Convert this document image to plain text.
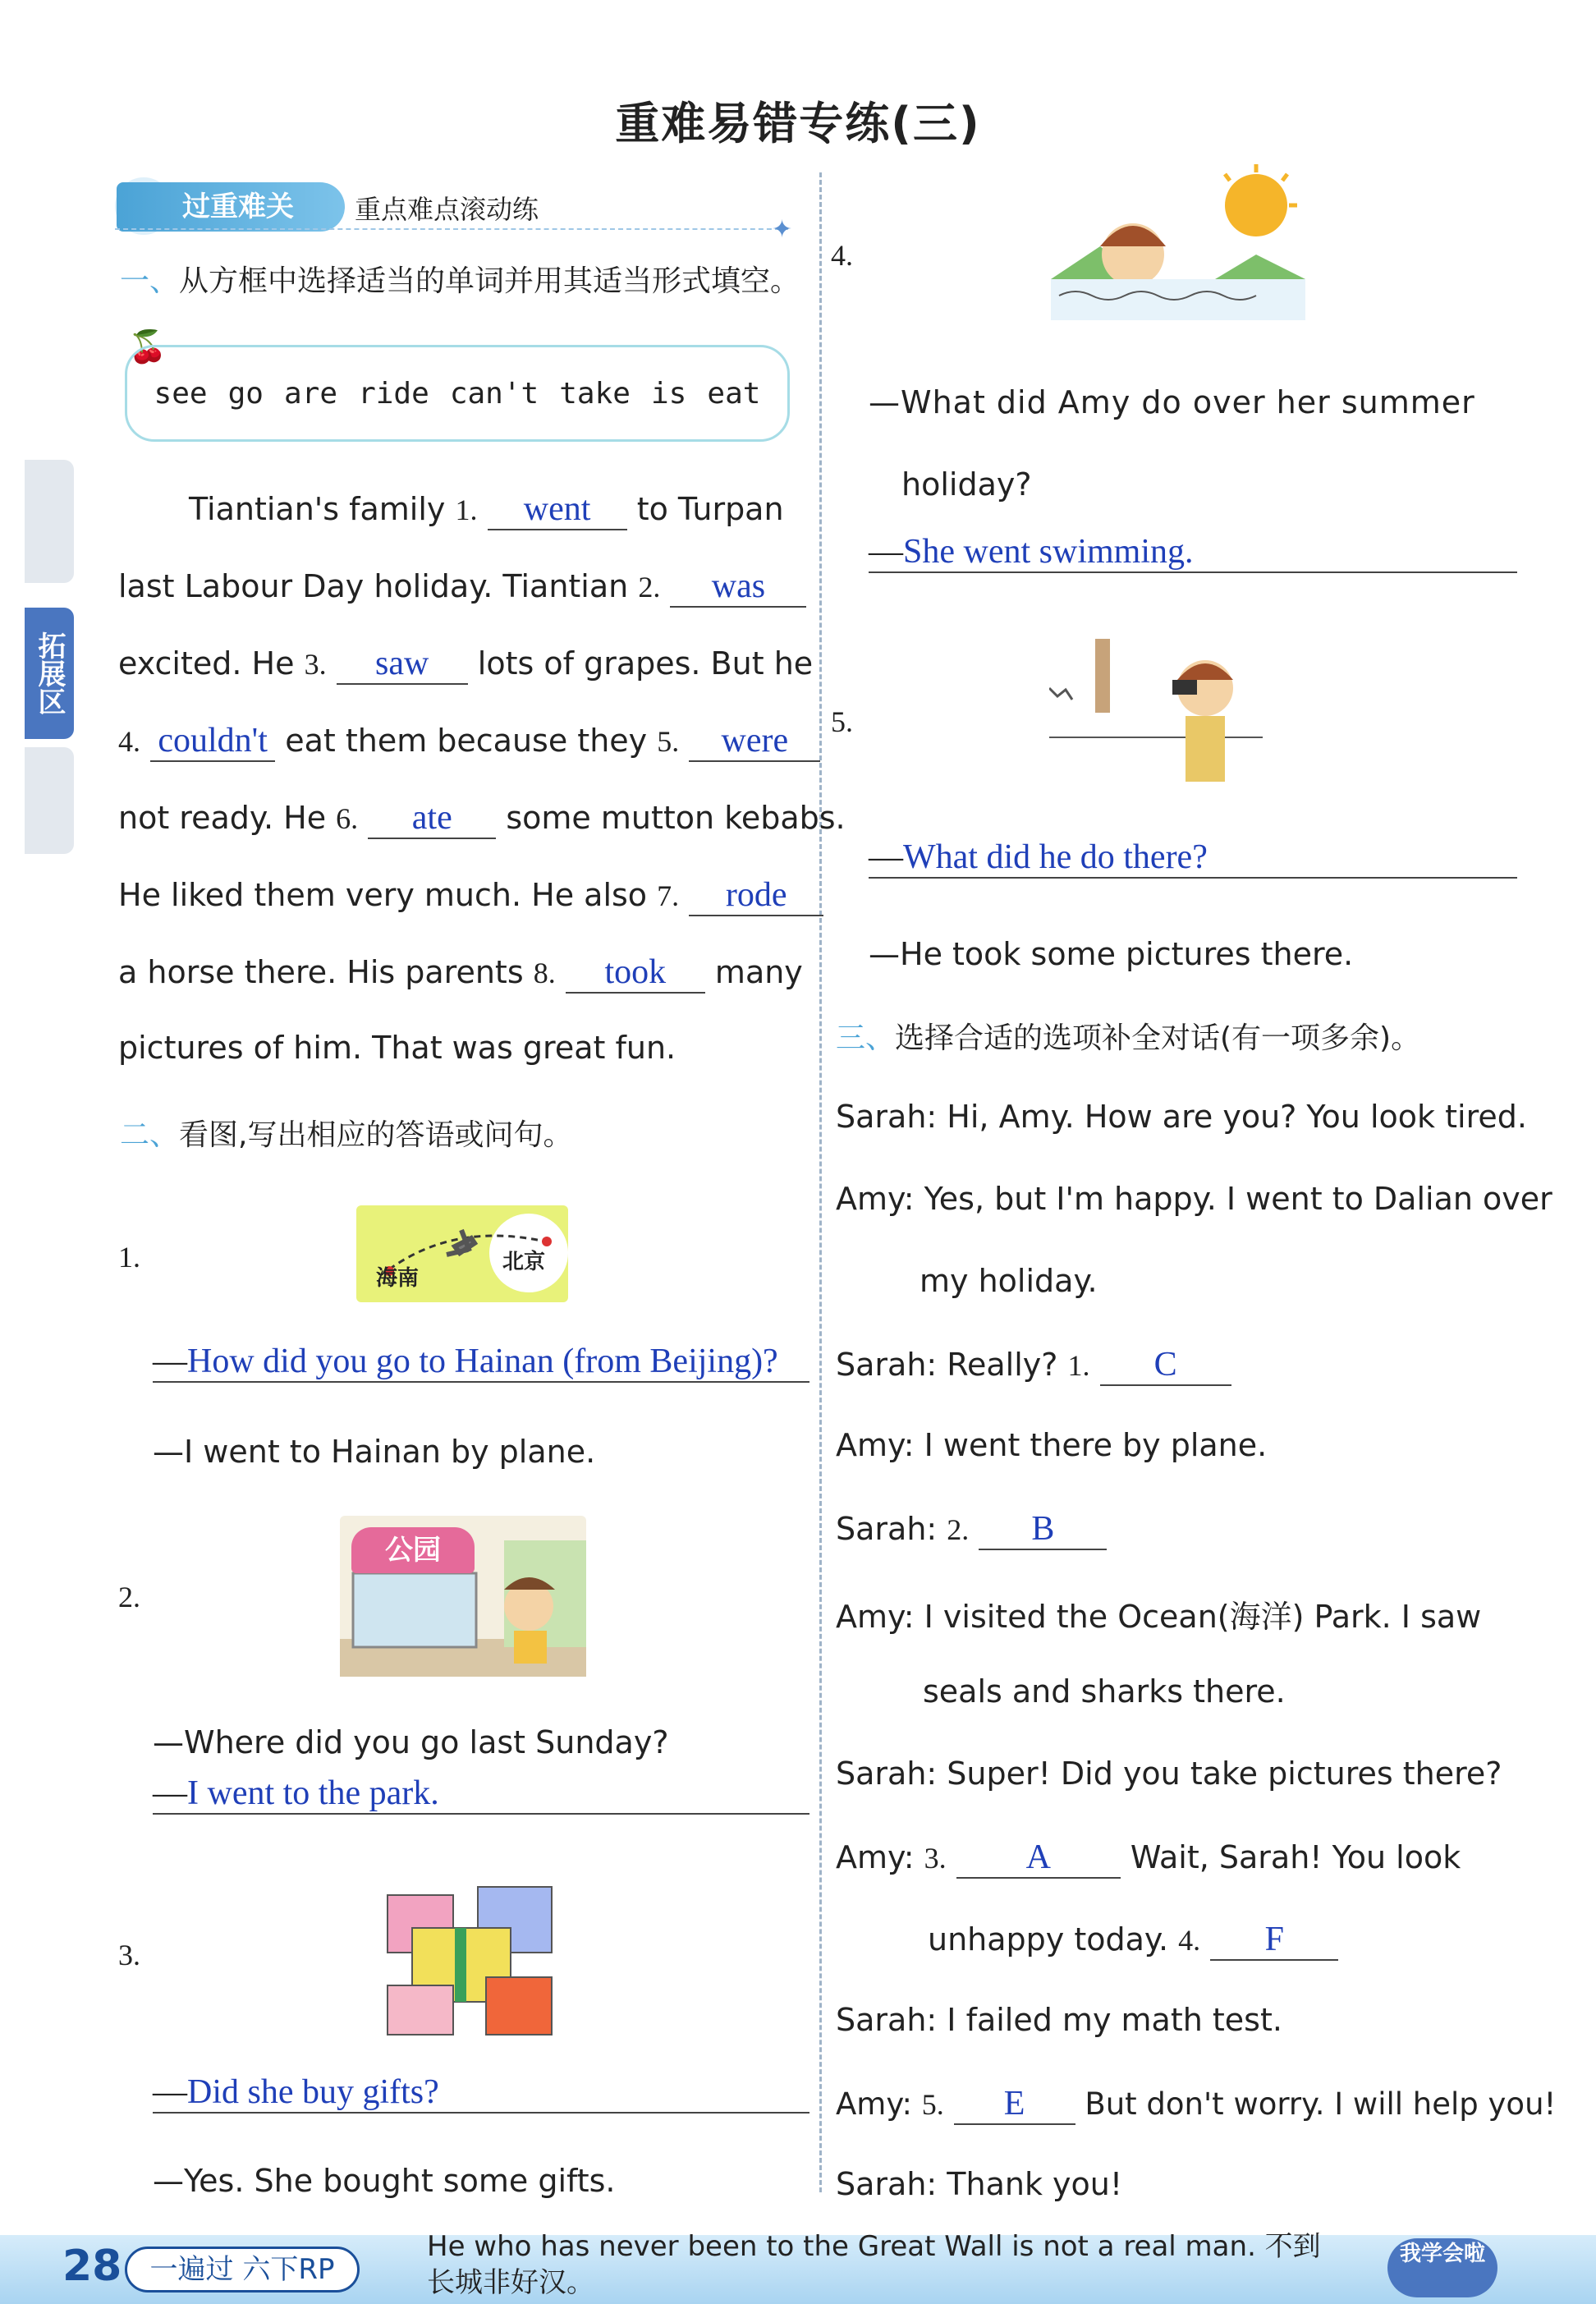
重难易错专练(三)
拓展区
过重难关	重点难点滚动练
✦
一、从方框中选择适当的单词并用其适当形式填空。
🍒
see go are ride can't take is eat
Tiantian's family 1. went to Turpan
last Labour Day holiday. Tiantian 2. was
excited. He 3. saw lots of grapes. But he
4. couldn't eat them because they 5. were
not ready. He 6. ate some mutton kebabs.
He liked them very much. He also 7. rode
a horse there. His parents 8. took many
pictures of him. That was great fun.
二、看图,写出相应的答语或问句。
1.
海南
北京
—How did you go to Hainan (from Beijing)?
—I went to Hainan by plane.
2.
公园
—Where did you go last Sunday?
—I went to the park.
3.
—Did she buy gifts?
—Yes. She bought some gifts.
4.
—What did Amy do over her summer
holiday?
—She went swimming.
5.
—What did he do there?
—He took some pictures there.
三、选择合适的选项补全对话(有一项多余)。
Sarah: Hi, Amy. How are you? You look tired.
Amy: Yes, but I'm happy. I went to Dalian over
my holiday.
Sarah: Really? 1. C
Amy: I went there by plane.
Sarah: 2. B
Amy: I visited the Ocean(海洋) Park. I saw
seals and sharks there.
Sarah: Super! Did you take pictures there?
Amy: 3. A	Wait, Sarah! You look
unhappy today. 4. F
Sarah: I failed my math test.
Amy: 5. E But don't worry. I will help you!
Sarah: Thank you!
28	一遍过 六下RP
He who has never been to the Great Wall is not a real man. 不到长城非好汉。
我学会啦
